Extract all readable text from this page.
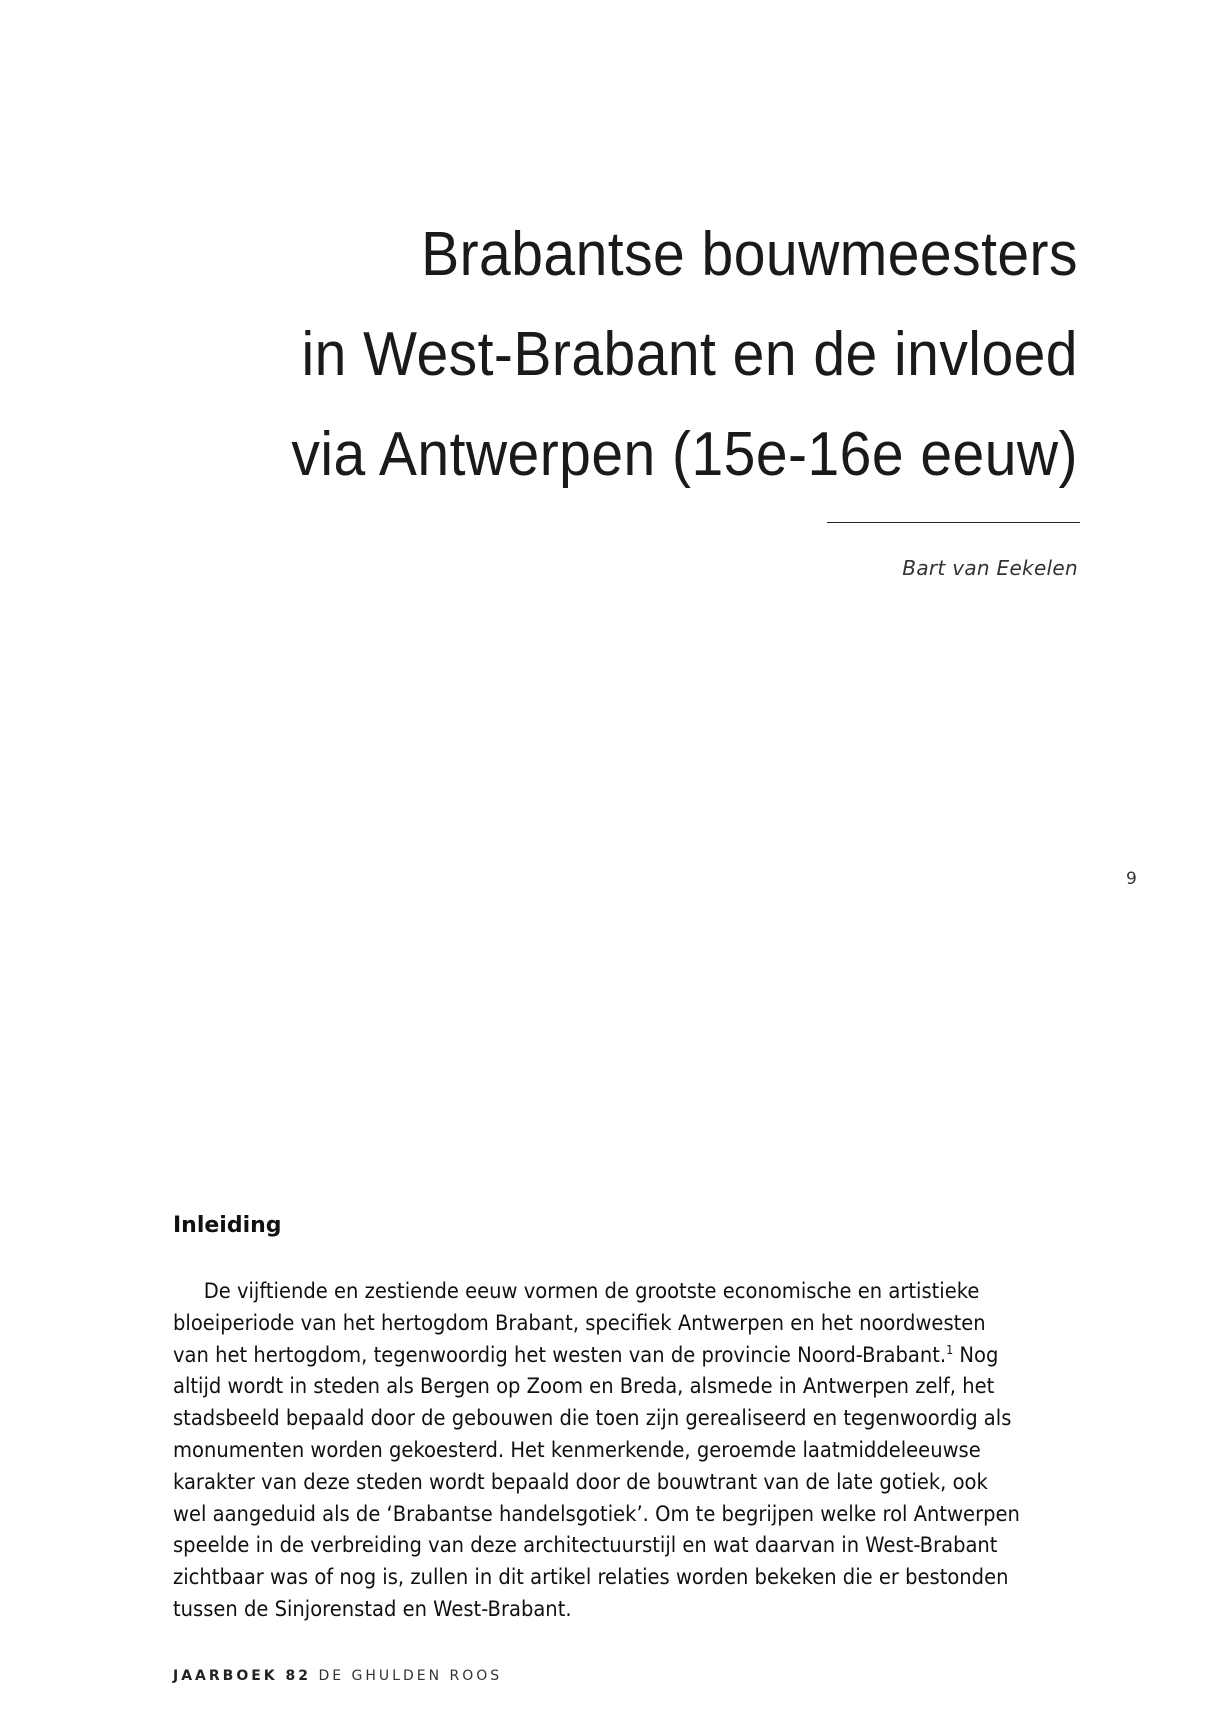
Brabantse bouwmeesters
in West-Brabant en de invloed
via Antwerpen (15e-16e eeuw)
Bart van Eekelen
9
Inleiding
De vijftiende en zestiende eeuw vormen de grootste economische en artistieke
bloeiperiode van het hertogdom Brabant, specifiek Antwerpen en het noordwesten
van het hertogdom, tegenwoordig het westen van de provincie Noord-Brabant.$^1$ Nog
altijd wordt in steden als Bergen op Zoom en Breda, alsmede in Antwerpen zelf, het
stadsbeeld bepaald door de gebouwen die toen zijn gerealiseerd en tegenwoordig als
monumenten worden gekoesterd. Het kenmerkende, geroemde laatmiddeleeuwse
karakter van deze steden wordt bepaald door de bouwtrant van de late gotiek, ook
wel aangeduid als de ‘Brabantse handelsgotiek’. Om te begrijpen welke rol Antwerpen
speelde in de verbreiding van deze architectuurstijl en wat daarvan in West-Brabant
zichtbaar was of nog is, zullen in dit artikel relaties worden bekeken die er bestonden
tussen de Sinjorenstad en West-Brabant.
JAARBOEK 82 DE GHULDEN ROOS
